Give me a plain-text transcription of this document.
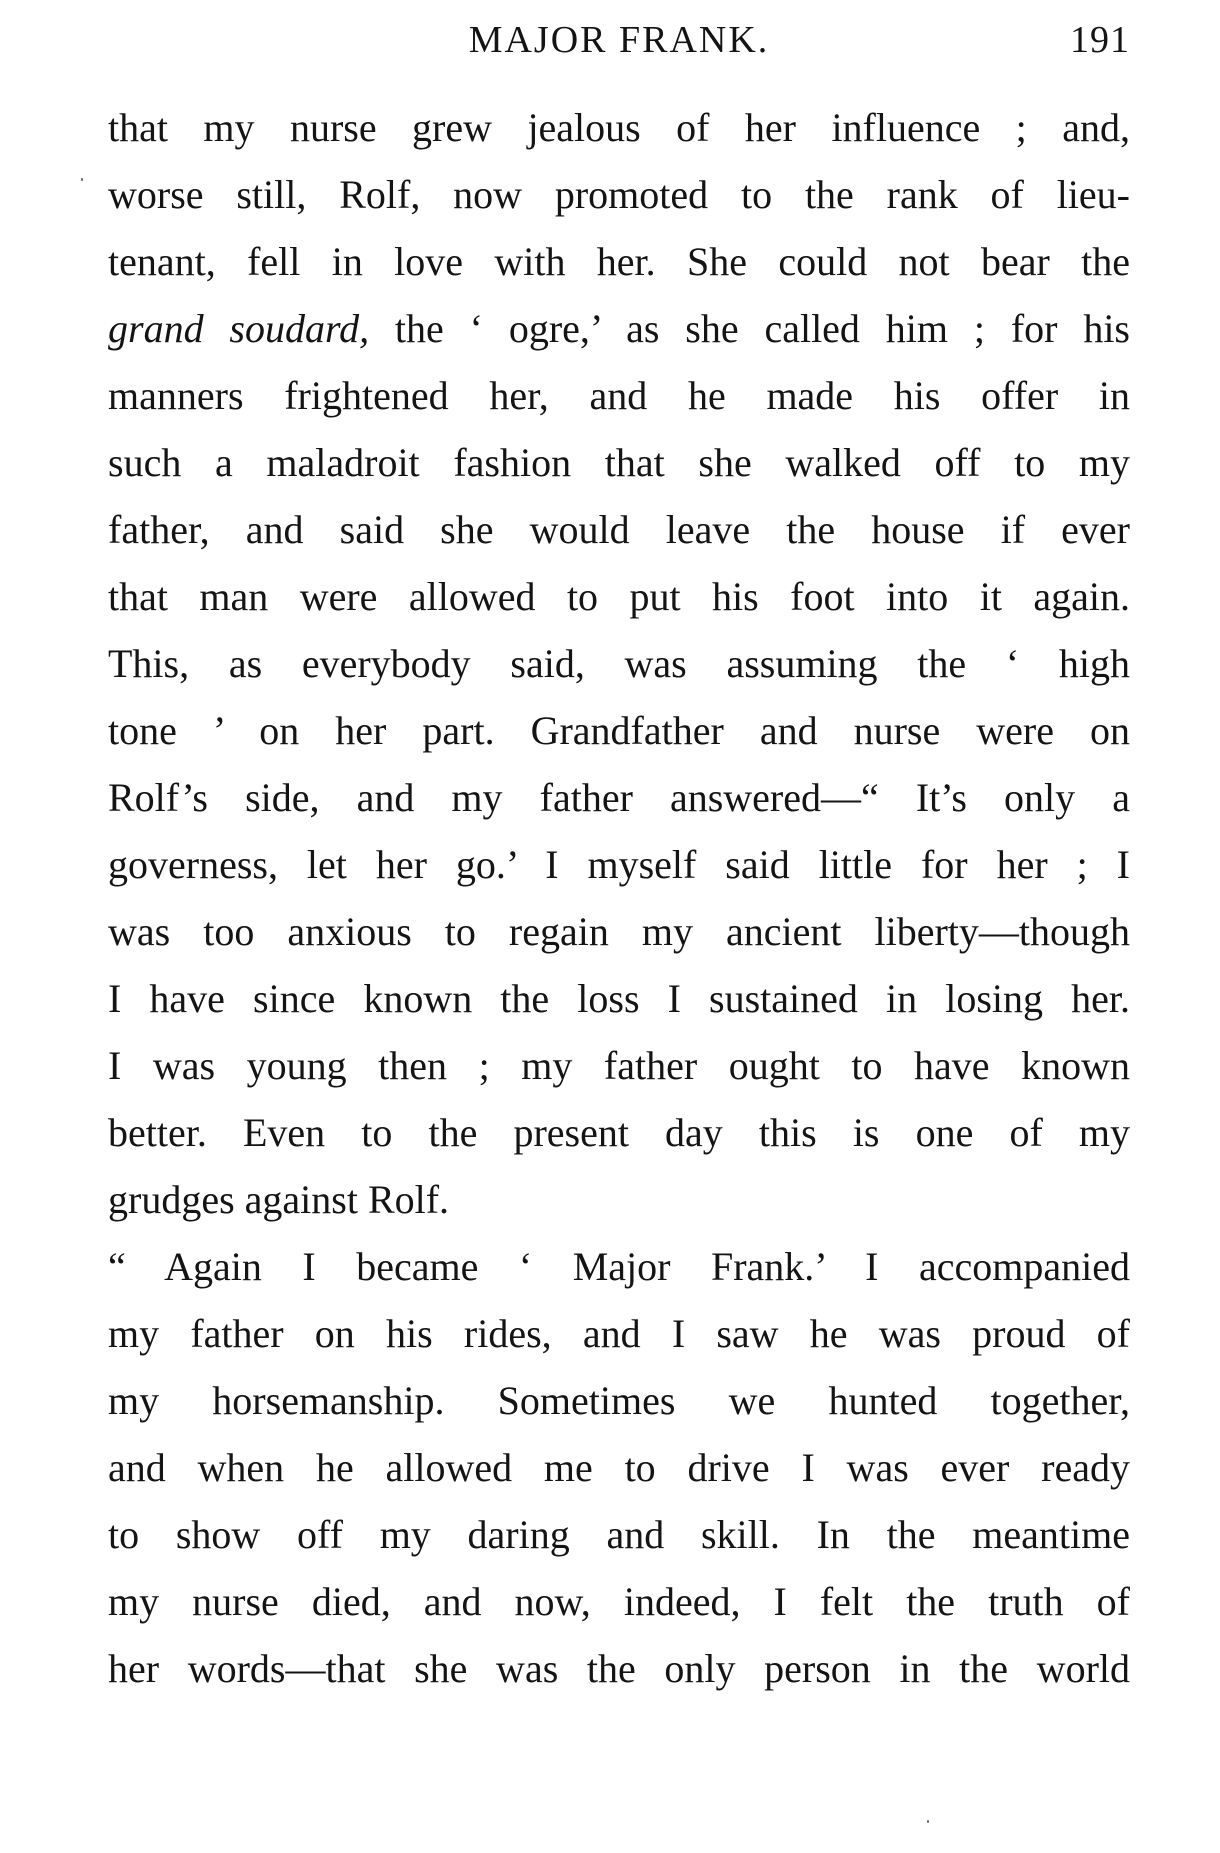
MAJOR FRANK.	191
that my nurse grew jealous of her influence ; and,
worse still, Rolf, now promoted to the rank of lieu-
tenant, fell in love with her. She could not bear the
grand soudard, the ‘ ogre,’ as she called him ; for his
manners frightened her, and he made his offer in
such a maladroit fashion that she walked off to my
father, and said she would leave the house if ever
that man were allowed to put his foot into it again.
This, as everybody said, was assuming the ‘ high
tone ’ on her part. Grandfather and nurse were on
Rolf’s side, and my father answered—“ It’s only a
governess, let her go.’ I myself said little for her ; I
was too anxious to regain my ancient liberty—though
I have since known the loss I sustained in losing her.
I was young then ; my father ought to have known
better. Even to the present day this is one of my
grudges against Rolf.
“ Again I became ‘ Major Frank.’ I accompanied
my father on his rides, and I saw he was proud of
my horsemanship. Sometimes we hunted together,
and when he allowed me to drive I was ever ready
to show off my daring and skill. In the meantime
my nurse died, and now, indeed, I felt the truth of
her words—that she was the only person in the world
